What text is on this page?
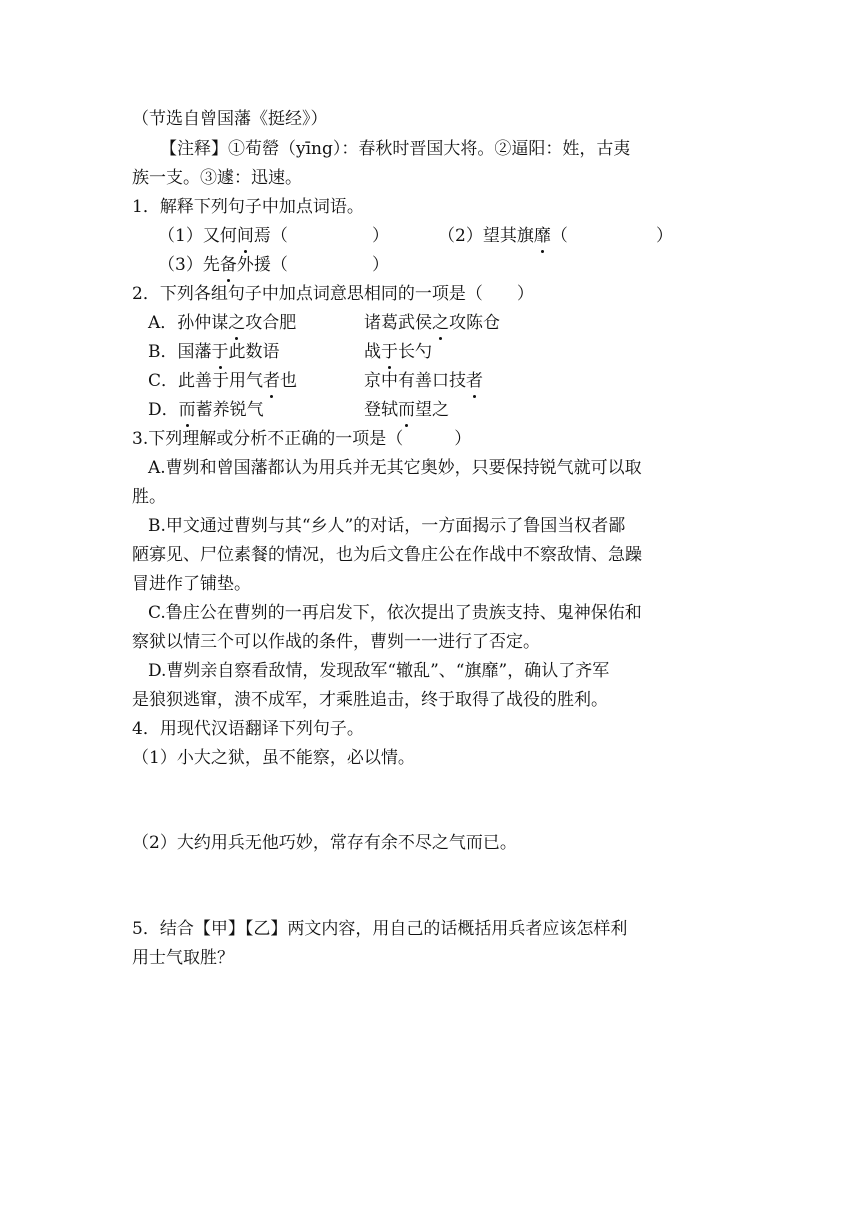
（节选自曾国藩《挺经》）
【注释】①荀罃（yīng）：春秋时晋国大将。②逼阳：姓，古夷
族一支。③遽：迅速。
1．解释下列句子中加点词语。
（1）又何间焉（	）	（2）望其旗靡（	）
（3）先备外援（	）
2．下列各组句子中加点词意思相同的一项是（　　）
A．孙仲谋之攻合肥	诸葛武侯之攻陈仓
B．国藩于此数语	战于长勺
C．此善于用气者也	京中有善口技者
D．而蓄养锐气	登轼而望之
3.下列理解或分析不正确的一项是（　　　）
A.曹刿和曾国藩都认为用兵并无其它奥妙，只要保持锐气就可以取
胜。
B.甲文通过曹刿与其“乡人”的对话，一方面揭示了鲁国当权者鄙
陋寡见、尸位素餐的情况，也为后文鲁庄公在作战中不察敌情、急躁
冒进作了铺垫。
C.鲁庄公在曹刿的一再启发下，依次提出了贵族支持、鬼神保佑和
察狱以情三个可以作战的条件，曹刿一一进行了否定。
D.曹刿亲自察看敌情，发现敌军“辙乱”、“旗靡”，确认了齐军
是狼狈逃窜，溃不成军，才乘胜追击，终于取得了战役的胜利。
4．用现代汉语翻译下列句子。
（1）小大之狱，虽不能察，必以情。
（2）大约用兵无他巧妙，常存有余不尽之气而已。
5．结合【甲】【乙】两文内容，用自己的话概括用兵者应该怎样利
用士气取胜？
